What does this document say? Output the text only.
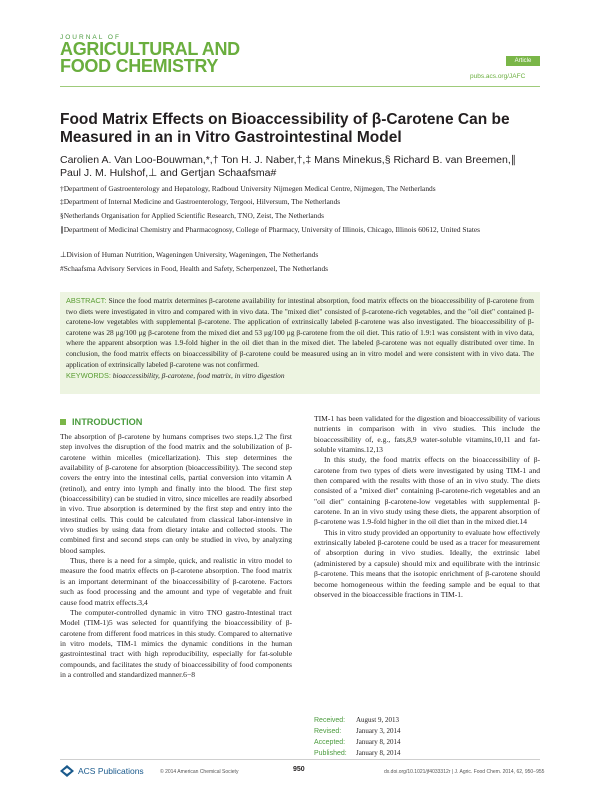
JOURNAL OF
AGRICULTURAL AND
FOOD CHEMISTRY	Article
pubs.acs.org/JAFC
Food Matrix Effects on Bioaccessibility of β-Carotene Can be Measured in an in Vitro Gastrointestinal Model
Carolien A. Van Loo-Bouwman,*,† Ton H. J. Naber,†,‡ Mans Minekus,§ Richard B. van Breemen,∥
Paul J. M. Hulshof,⊥ and Gertjan Schaafsma#
†Department of Gastroenterology and Hepatology, Radboud University Nijmegen Medical Centre, Nijmegen, The Netherlands
‡Department of Internal Medicine and Gastroenterology, Tergooi, Hilversum, The Netherlands
§Netherlands Organisation for Applied Scientific Research, TNO, Zeist, The Netherlands
∥Department of Medicinal Chemistry and Pharmacognosy, College of Pharmacy, University of Illinois, Chicago, Illinois 60612, United States
⊥Division of Human Nutrition, Wageningen University, Wageningen, The Netherlands
#Schaafsma Advisory Services in Food, Health and Safety, Scherpenzeel, The Netherlands
ABSTRACT: Since the food matrix determines β-carotene availability for intestinal absorption, food matrix effects on the bioaccessibility of β-carotene from two diets were investigated in vitro and compared with in vivo data. The "mixed diet" consisted of β-carotene-rich vegetables, and the "oil diet" contained β-carotene-low vegetables with supplemental β-carotene. The application of extrinsically labeled β-carotene was also investigated. The bioaccessibility of β-carotene was 28 μg/100 μg β-carotene from the mixed diet and 53 μg/100 μg β-carotene from the oil diet. This ratio of 1.9:1 was consistent with in vivo data, where the apparent absorption was 1.9-fold higher in the oil diet than in the mixed diet. The labeled β-carotene was not equally distributed over time. In conclusion, the food matrix effects on bioaccessibility of β-carotene could be measured using an in vitro model and were consistent with in vivo data. The application of extrinsically labeled β-carotene was not confirmed.
KEYWORDS: bioaccessibility, β-carotene, food matrix, in vitro digestion
INTRODUCTION

The absorption of β-carotene by humans comprises two steps.1,2 The first step involves the disruption of the food matrix and the solubilization of β-carotene within micelles (micellarization). This step determines the availability of β-carotene for absorption (bioaccessibility). The second step covers the entry into the intestinal cells, partial conversion into vitamin A (retinol), and entry into lymph and finally into the blood. The first step (bioaccessibility) can be studied in vitro, since micelles are readily absorbed in vivo. True absorption is determined by the first step and entry into the intestinal cells. This could be calculated from classical labor-intensive in vivo studies by using data from dietary intake and collected stools. The combined first and second steps can only be studied in vivo, by analyzing blood samples.

Thus, there is a need for a simple, quick, and realistic in vitro model to measure the food matrix effects on β-carotene absorption. The food matrix is an important determinant of the bioaccessibility of β-carotene. Factors such as food processing and the amount and type of vegetable and fruit cause food matrix effects.3,4

The computer-controlled dynamic in vitro TNO gastro-Intestinal tract Model (TIM-1)5 was selected for quantifying the bioaccessibility of β-carotene from different food matrices in this study. Compared to alternative in vitro models, TIM-1 mimics the dynamic conditions in the human gastrointestinal tract with high reproducibility, especially for fat-soluble compounds, and facilitates the study of bioaccessibility of food components in a controlled and standardized manner.6−8

TIM-1 has been validated for the digestion and bioaccessibility of various nutrients in comparison with in vivo studies. This include the bioaccessibility of, e.g., fats,8,9 water-soluble vitamins,10,11 and fat-soluble vitamins.12,13

In this study, the food matrix effects on the bioaccessibility of β-carotene from two types of diets were investigated by using TIM-1 and then compared with the results with those of an in vivo study. The diets consisted of a "mixed diet" containing β-carotene-rich vegetables and an "oil diet" containing β-carotene-low vegetables with supplemental β-carotene. In an in vivo study using these diets, the apparent absorption of β-carotene was 1.9-fold higher in the oil diet than in the mixed diet.14

This in vitro study provided an opportunity to evaluate how effectively extrinsically labeled β-carotene could be used as a tracer for measurement of absorption during in vivo studies. Ideally, the extrinsic label (administered by a capsule) should mix and equilibrate with the intrinsic β-carotene. This means that the isotopic enrichment of β-carotene should become homogeneous within the feeding sample and be equal to that observed in the bioaccessible fractions in TIM-1.

Received: August 9, 2013
Revised: January 3, 2014
Accepted: January 8, 2014
Published: January 8, 2014
ACS Publications	© 2014 American Chemical Society	950	dx.doi.org/10.1021/jf4033312r | J. Agric. Food Chem. 2014, 62, 950−955
